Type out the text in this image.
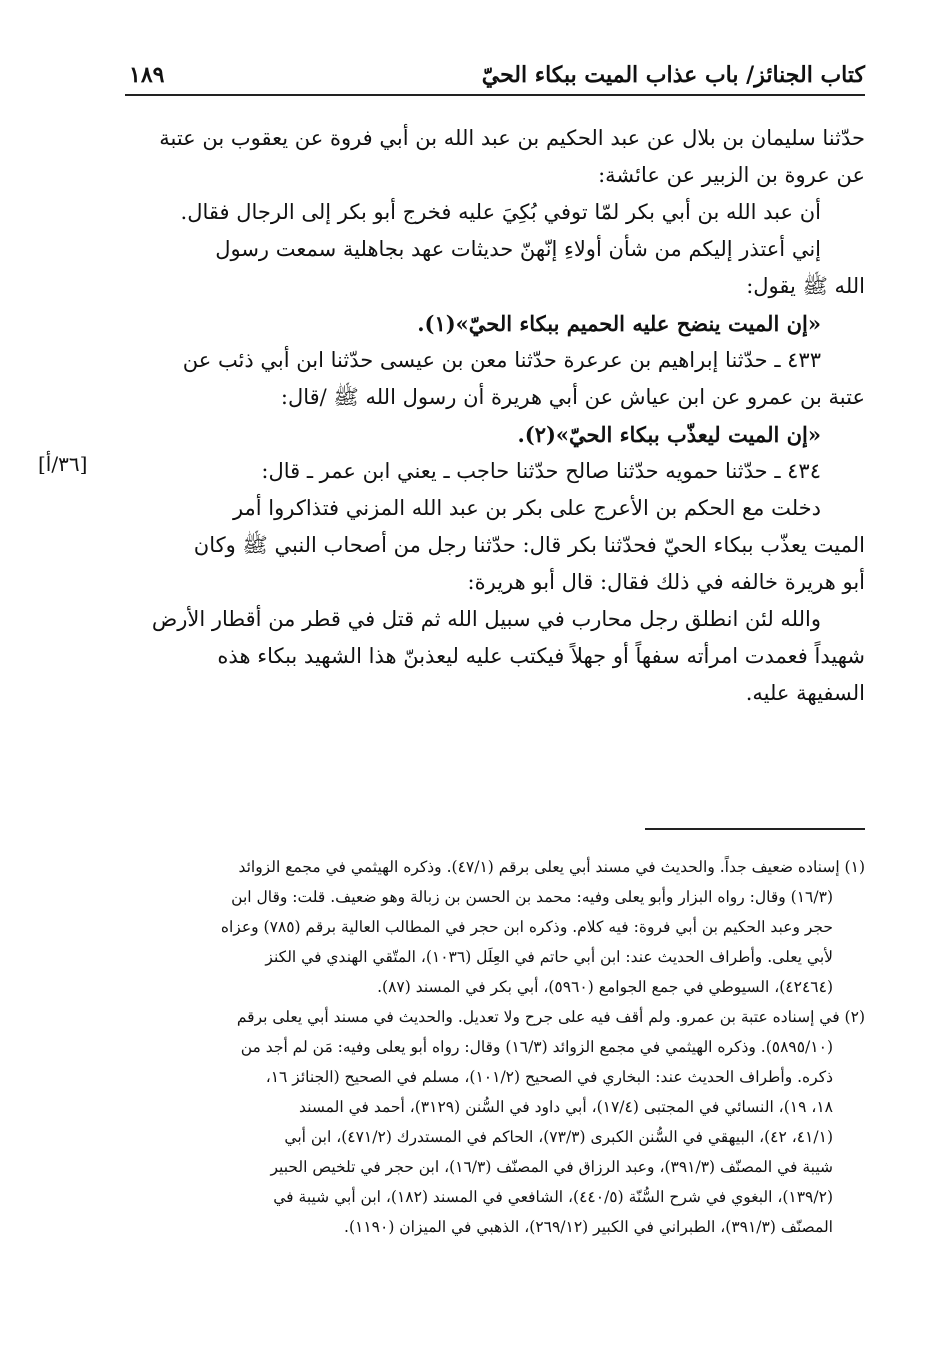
كتاب الجنائز/ باب عذاب الميت ببكاء الحيّ
١٨٩
[٣٦/أ]
حدّثنا سليمان بن بلال عن عبد الحكيم بن عبد الله بن أبي فروة عن يعقوب بن عتبة
عن عروة بن الزبير عن عائشة:
أن عبد الله بن أبي بكر لمّا توفي بُكِيَ عليه فخرج أبو بكر إلى الرجال فقال.
إني أعتذر إليكم من شأن أولاءِ إنّهنّ حديثات عهد بجاهلية سمعت رسول
الله ﷺ يقول:
«إن الميت ينضح عليه الحميم ببكاء الحيّ»(١).
٤٣٣ ـ حدّثنا إبراهيم بن عرعرة حدّثنا معن بن عيسى حدّثنا ابن أبي ذئب عن
عتبة بن عمرو عن ابن عياش عن أبي هريرة أن رسول الله ﷺ /قال:
«إن الميت ليعذّب ببكاء الحيّ»(٢).
٤٣٤ ـ حدّثنا حمويه حدّثنا صالح حدّثنا حاجب ـ يعني ابن عمر ـ قال:
دخلت مع الحكم بن الأعرج على بكر بن عبد الله المزني فتذاكروا أمر
الميت يعذّب ببكاء الحيّ فحدّثنا بكر قال: حدّثنا رجل من أصحاب النبي ﷺ وكان
أبو هريرة خالفه في ذلك فقال: قال أبو هريرة:
والله لئن انطلق رجل محارب في سبيل الله ثم قتل في قطر من أقطار الأرض
شهيداً فعمدت امرأته سفهاً أو جهلاً فيكتب عليه ليعذبنّ هذا الشهيد ببكاء هذه
السفيهة عليه.
(١) إسناده ضعيف جداً. والحديث في مسند أبي يعلى برقم (٤٧/١). وذكره الهيثمي في مجمع الزوائد
(١٦/٣) وقال: رواه البزار وأبو يعلى وفيه: محمد بن الحسن بن زبالة وهو ضعيف. قلت: وقال ابن
حجر وعبد الحكيم بن أبي فروة: فيه كلام. وذكره ابن حجر في المطالب العالية برقم (٧٨٥) وعزاه
لأبي يعلى. وأطراف الحديث عند: ابن أبي حاتم في العِلَل (١٠٣٦)، المتّقي الهندي في الكنز
(٤٢٤٦٤)، السيوطي في جمع الجوامع (٥٩٦٠)، أبي بكر في المسند (٨٧).
(٢) في إسناده عتبة بن عمرو. ولم أقف فيه على جرح ولا تعديل. والحديث في مسند أبي يعلى برقم
(٥٨٩٥/١٠). وذكره الهيثمي في مجمع الزوائد (١٦/٣) وقال: رواه أبو يعلى وفيه: مَن لم أجد من
ذكره. وأطراف الحديث عند: البخاري في الصحيح (١٠١/٢)، مسلم في الصحيح (الجنائز ١٦،
١٨، ١٩)، النسائي في المجتبى (١٧/٤)، أبي داود في السُّنن (٣١٢٩)، أحمد في المسند
(٤١/١، ٤٢)، البيهقي في السُّنن الكبرى (٧٣/٣)، الحاكم في المستدرك (٤٧١/٢)، ابن أبي
شيبة في المصنّف (٣٩١/٣)، وعبد الرزاق في المصنّف (١٦/٣)، ابن حجر في تلخيص الحبير
(١٣٩/٢)، البغوي في شرح السُّنّة (٤٤٠/٥)، الشافعي في المسند (١٨٢)، ابن أبي شيبة في
المصنّف (٣٩١/٣)، الطبراني في الكبير (٢٦٩/١٢)، الذهبي في الميزان (١١٩٠).
